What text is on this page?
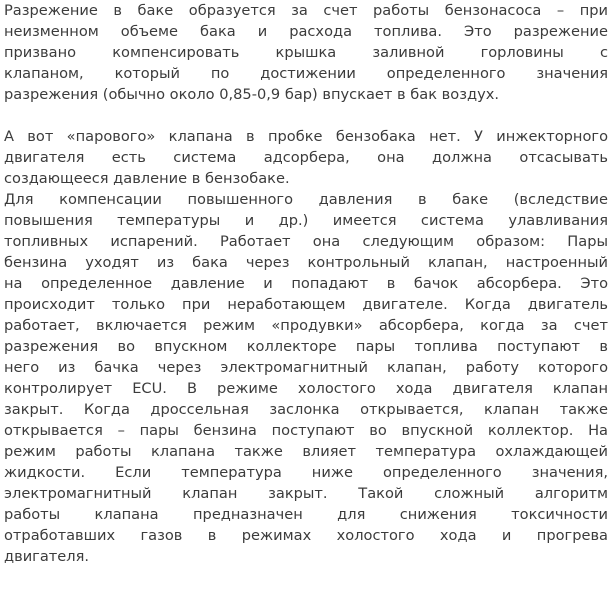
Разрежение в баке образуется за счет работы бензонасоса – при
неизменном объеме бака и расхода топлива. Это разрежение
призвано компенсировать крышка заливной горловины с
клапаном, который по достижении определенного значения
разрежения (обычно около 0,85-0,9 бар) впускает в бак воздух.
А вот «парового» клапана в пробке бензобака нет. У инжекторного
двигателя есть система адсорбера, она должна отсасывать
создающееся давление в бензобаке.
Для компенсации повышенного давления в баке (вследствие
повышения температуры и др.) имеется система улавливания
топливных испарений. Работает она следующим образом: Пары
бензина уходят из бака через контрольный клапан, настроенный
на определенное давление и попадают в бачок абсорбера. Это
происходит только при неработающем двигателе. Когда двигатель
работает, включается режим «продувки» абсорбера, когда за счет
разрежения во впускном коллекторе пары топлива поступают в
него из бачка через электромагнитный клапан, работу которого
контролирует ECU. В режиме холостого хода двигателя клапан
закрыт. Когда дроссельная заслонка открывается, клапан также
открывается – пары бензина поступают во впускной коллектор. На
режим работы клапана также влияет температура охлаждающей
жидкости. Если температура ниже определенного значения,
электромагнитный клапан закрыт. Такой сложный алгоритм
работы клапана предназначен для снижения токсичности
отработавших газов в режимах холостого хода и прогрева
двигателя.
